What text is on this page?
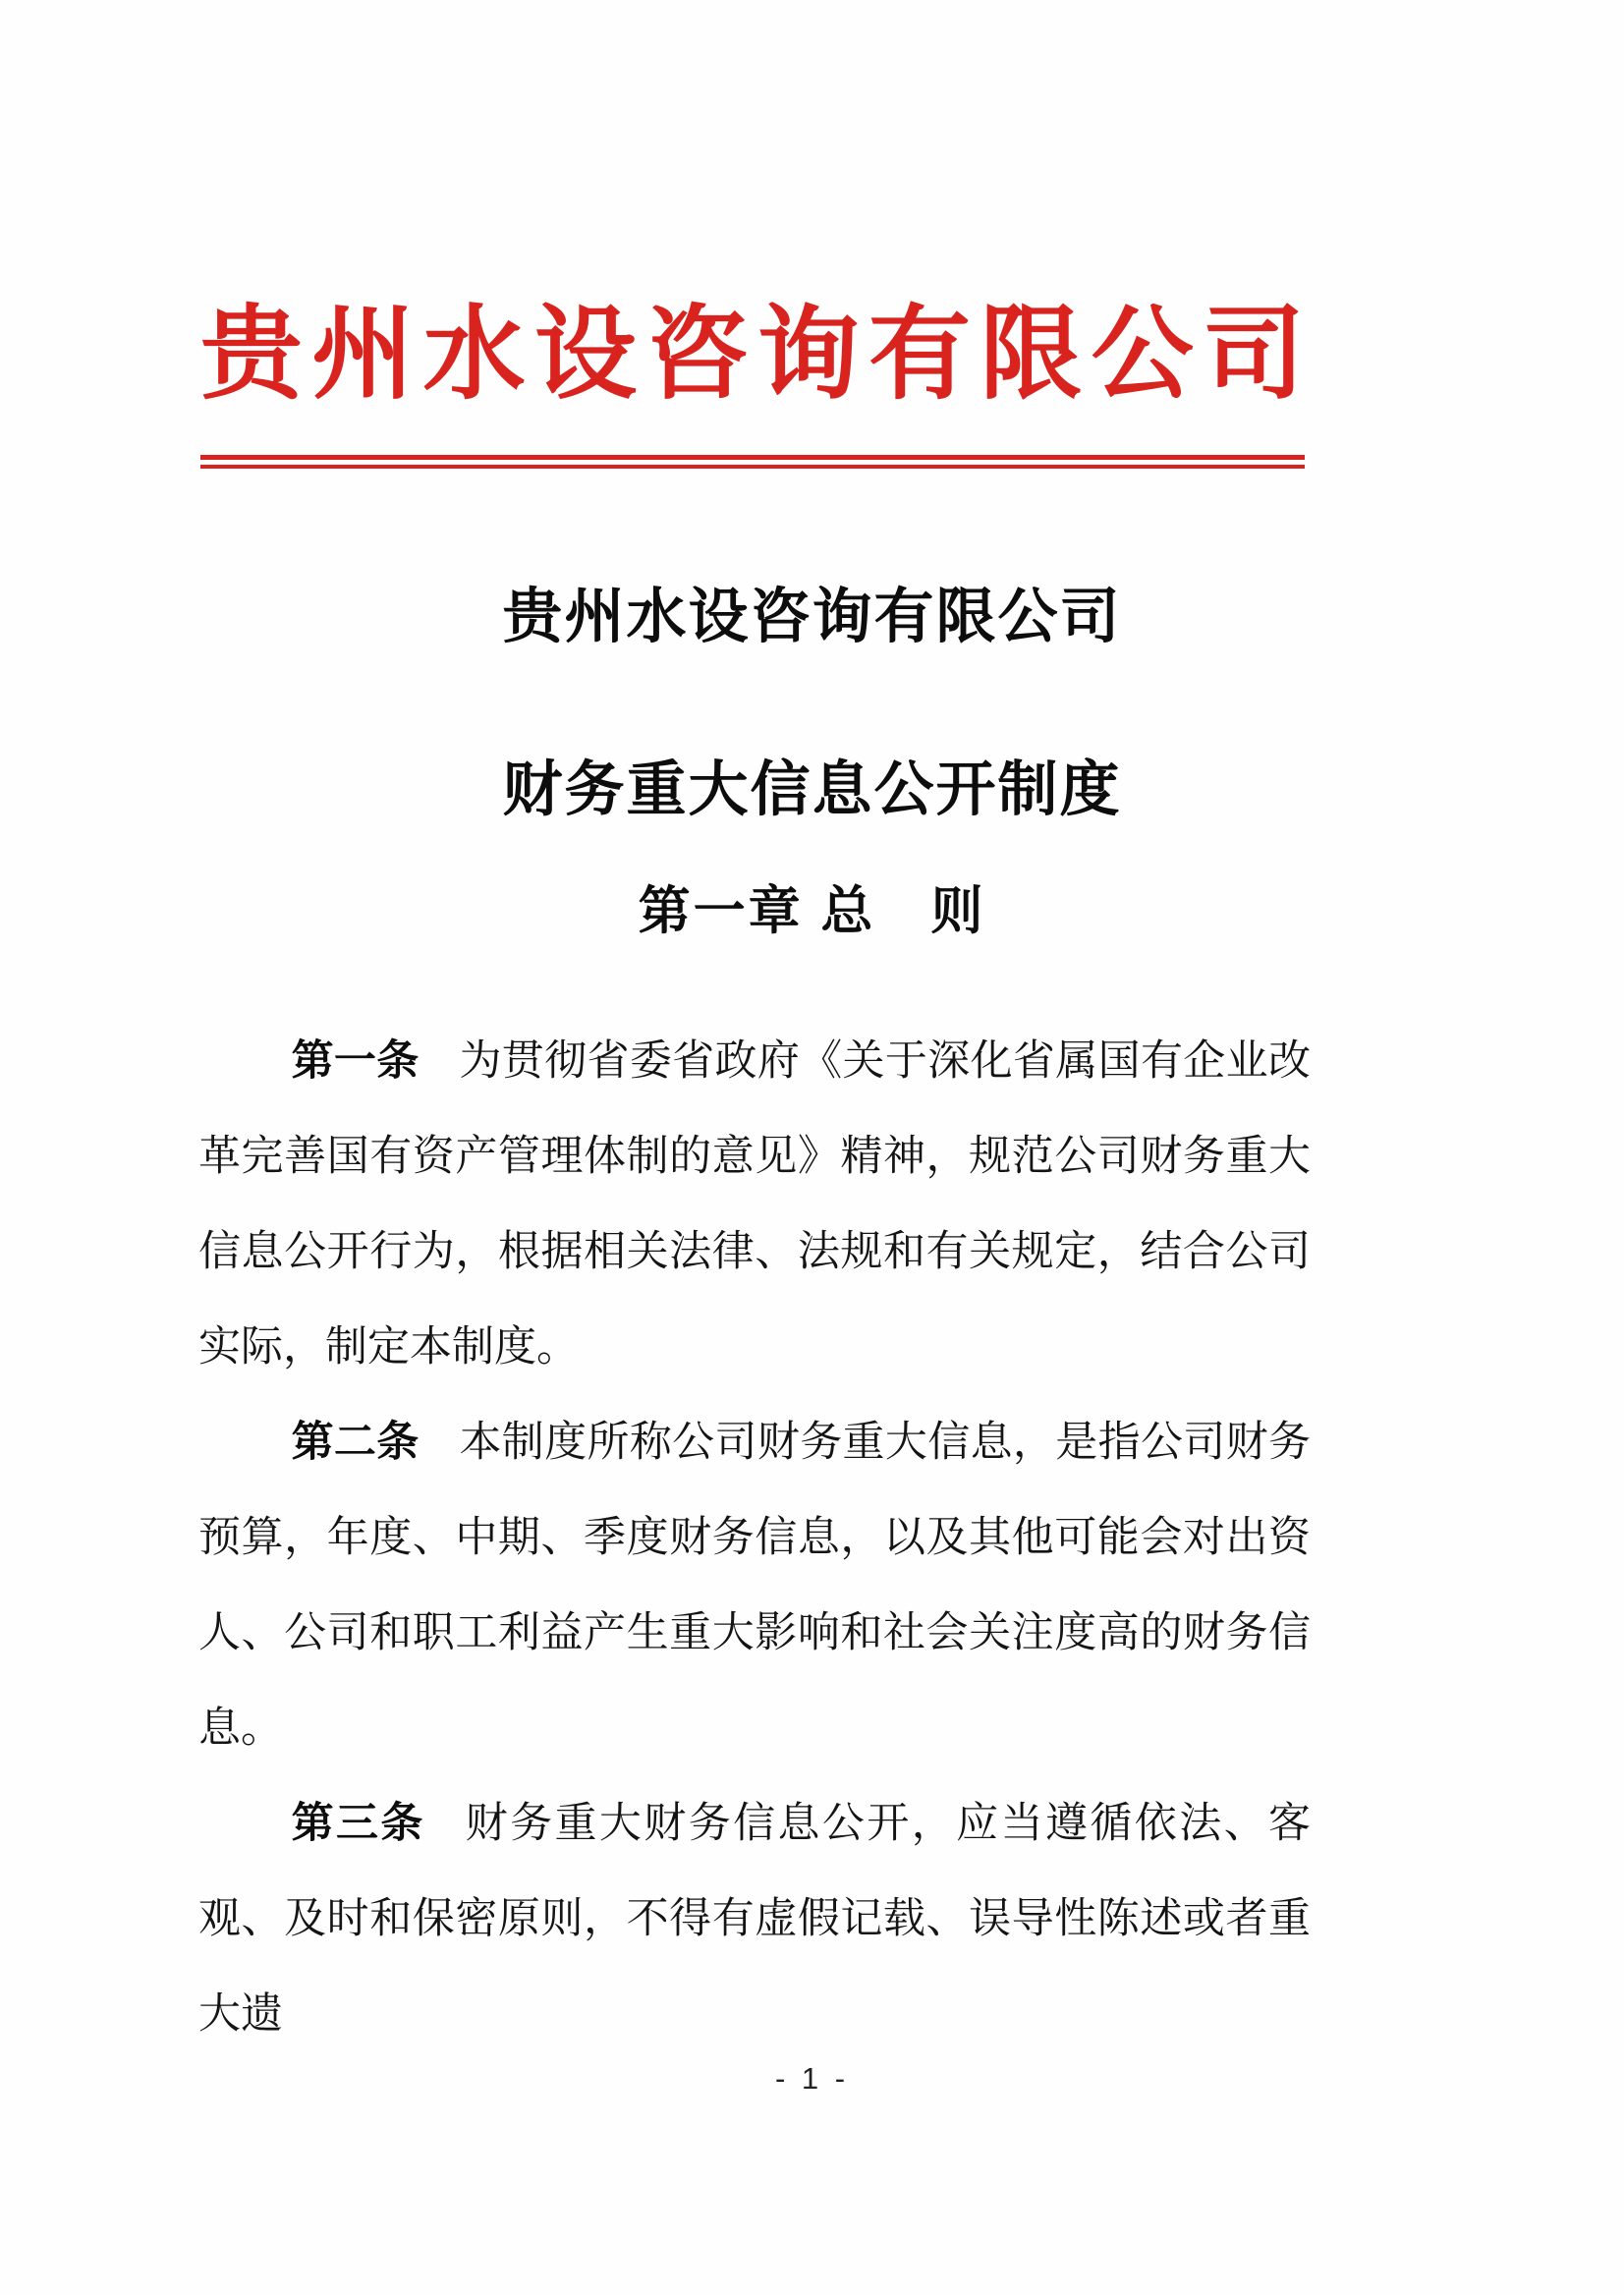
贵州水设咨询有限公司
贵州水设咨询有限公司
财务重大信息公开制度
第一章 总　则

第一条 为贯彻省委省政府《关于深化省属国有企业改革完善国有资产管理体制的意见》精神，规范公司财务重大信息公开行为，根据相关法律、法规和有关规定，结合公司实际，制定本制度。

第二条 本制度所称公司财务重大信息，是指公司财务预算，年度、中期、季度财务信息，以及其他可能会对出资人、公司和职工利益产生重大影响和社会关注度高的财务信息。

第三条 财务重大财务信息公开，应当遵循依法、客观、及时和保密原则，不得有虚假记载、误导性陈述或者重大遗

- 1 -
